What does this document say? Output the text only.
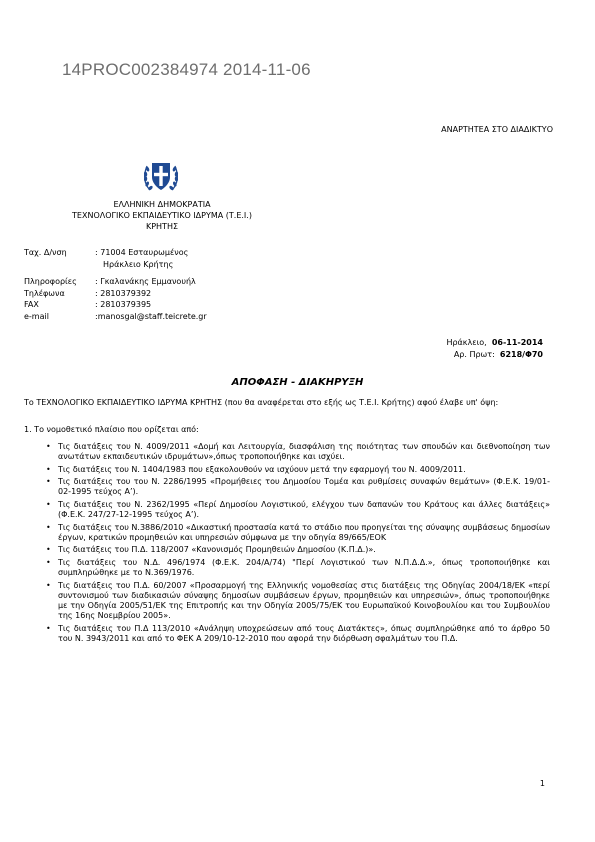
14PROC002384974 2014-11-06
ΑΝΑΡΤΗΤΕΑ ΣΤΟ ΔΙΑΔΙΚΤΥΟ
ΕΛΛΗΝΙΚΗ ΔΗΜΟΚΡΑΤΙΑ
ΤΕΧΝΟΛΟΓΙΚΟ ΕΚΠΑΙΔΕΥΤΙΚΟ ΙΔΡΥΜΑ (Τ.Ε.Ι.)
ΚΡΗΤΗΣ
Ταχ. Δ/νση	: 71004 Εσταυρωμένος
Ηράκλειο Κρήτης
Πληροφορίες : Γκαλανάκης Εμμανουήλ
Τηλέφωνα	: 2810379392
FAX	: 2810379395
e-mail	:manosgal@staff.teicrete.gr
Ηράκλειο, 06-11-2014
Αρ. Πρωτ: 6218/Φ70
ΑΠΟΦΑΣΗ - ΔΙΑΚΗΡΥΞΗ
Το ΤΕΧΝΟΛΟΓΙΚΟ ΕΚΠΑΙΔΕΥΤΙΚΟ ΙΔΡΥΜΑ ΚΡΗΤΗΣ (που θα αναφέρεται στο εξής ως Τ.Ε.Ι. Κρήτης) αφού έλαβε υπ' όψη:
1. Το νομοθετικό πλαίσιο που ορίζεται από:
• Τις διατάξεις του Ν. 4009/2011 «Δομή και Λειτουργία, διασφάλιση της ποιότητας των σπουδών και διεθνοποίηση των ανωτάτων εκπαιδευτικών ιδρυμάτων»,όπως τροποποιήθηκε και ισχύει.
• Τις διατάξεις του Ν. 1404/1983 που εξακολουθούν να ισχύουν μετά την εφαρμογή του Ν. 4009/2011.
• Τις διατάξεις του του Ν. 2286/1995 «Προμήθειες του Δημοσίου Τομέα και ρυθμίσεις συναφών θεμάτων» (Φ.Ε.Κ. 19/01-02-1995 τεύχος Α’).
• Τις διατάξεις του Ν. 2362/1995 «Περί Δημοσίου Λογιστικού, ελέγχου των δαπανών του Κράτους και άλλες διατάξεις» (Φ.Ε.Κ. 247/27-12-1995 τεύχος Α’).
• Τις διατάξεις του Ν.3886/2010 «Δικαστική προστασία κατά το στάδιο που προηγείται της σύναψης συμβάσεως δημοσίων έργων, κρατικών προμηθειών και υπηρεσιών σύμφωνα με την οδηγία 89/665/ΕΟΚ
• Τις διατάξεις του Π.Δ. 118/2007 «Κανονισμός Προμηθειών Δημοσίου (Κ.Π.Δ.)».
• Τις διατάξεις του Ν.Δ. 496/1974 (Φ.Ε.Κ. 204/Α/74) "Περί Λογιστικού των Ν.Π.Δ.Δ.», όπως τροποποιήθηκε και συμπληρώθηκε με το Ν.369/1976.
• Τις διατάξεις του Π.Δ. 60/2007 «Προσαρμογή της Ελληνικής νομοθεσίας στις διατάξεις της Οδηγίας 2004/18/ΕΚ «περί συντονισμού των διαδικασιών σύναψης δημοσίων συμβάσεων έργων, προμηθειών και υπηρεσιών», όπως τροποποιήθηκε με την Οδηγία 2005/51/ΕΚ της Επιτροπής και την Οδηγία 2005/75/ΕΚ του Ευρωπαϊκού Κοινοβουλίου και του Συμβουλίου της 16ης Νοεμβρίου 2005».
• Τις διατάξεις του Π.Δ 113/2010 «Ανάληψη υποχρεώσεων από τους Διατάκτες», όπως συμπληρώθηκε από το άρθρο 50 του Ν. 3943/2011 και από το ΦΕΚ Α 209/10-12-2010 που αφορά την διόρθωση σφαλμάτων του Π.Δ.
1
